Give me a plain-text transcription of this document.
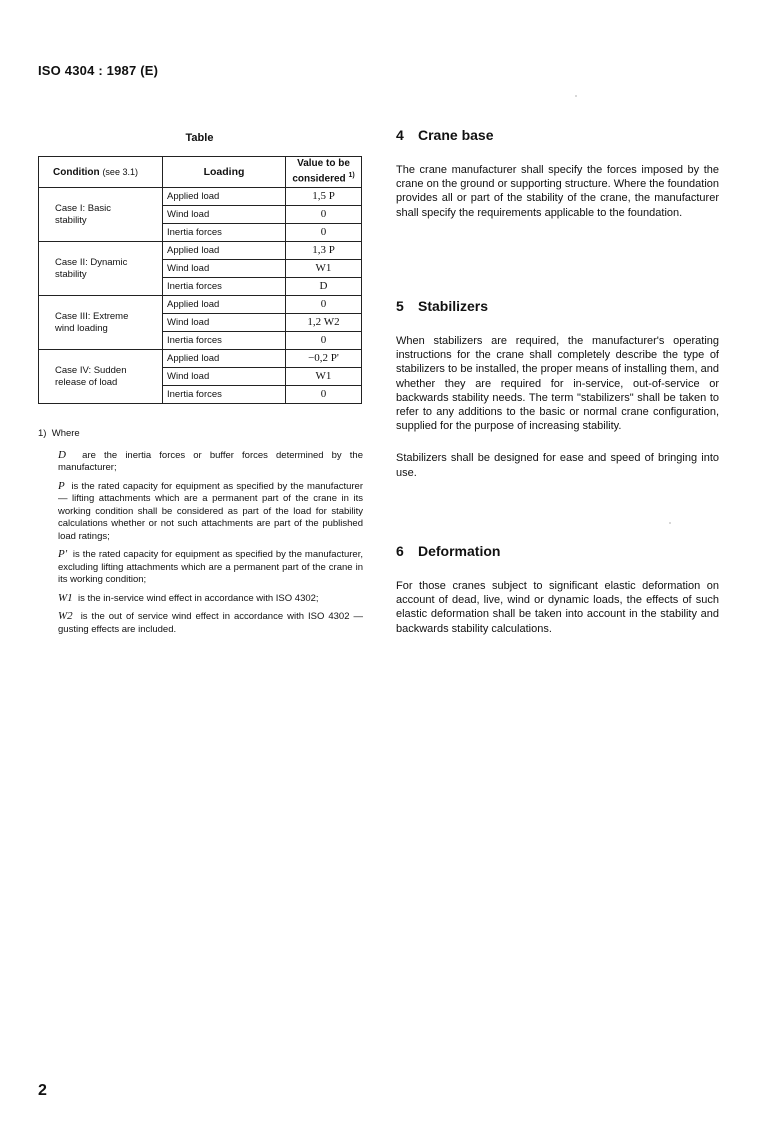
ISO 4304 : 1987 (E)
Table
Condition (see 3.1)	Loading	Value to be
considered $^{1)}$
Case I: Basic
stability	Applied load	1,5 P
	Wind load	0
	Inertia forces	0
Case II: Dynamic
stability	Applied load	1,3 P
	Wind load	W1
	Inertia forces	D
Case III: Extreme
wind loading	Applied load	0
	Wind load	1,2 W2
	Inertia forces	0
Case IV: Sudden
release of load	Applied load	−0,2 P'
	Wind load	W1
	Inertia forces	0
1) Where

D are the inertia forces or buffer forces determined by the manufacturer;

P is the rated capacity for equipment as specified by the manufacturer — lifting attachments which are a permanent part of the crane in its working condition shall be considered as part of the load for stability calculations whether or not such attachments are part of the published load ratings;

P' is the rated capacity for equipment as specified by the manufacturer, excluding lifting attachments which are a permanent part of the crane in its working condition;

W1 is the in-service wind effect in accordance with ISO 4302;

W2 is the out of service wind effect in accordance with ISO 4302 — gusting effects are included.

4 Crane base

The crane manufacturer shall specify the forces imposed by the crane on the ground or supporting structure. Where the foundation provides all or part of the stability of the crane, the manufacturer shall specify the requirements applicable to the foundation.

5 Stabilizers

When stabilizers are required, the manufacturer's operating instructions for the crane shall completely describe the type of stabilizers to be installed, the proper means of installing them, and whether they are required for in-service, out-of-service or backwards stability needs. The term "stabilizers" shall be taken to refer to any additions to the basic or normal crane configuration, supplied for the purpose of increasing stability.

Stabilizers shall be designed for ease and speed of bringing into use.

6 Deformation

For those cranes subject to significant elastic deformation on account of dead, live, wind or dynamic loads, the effects of such elastic deformation shall be taken into account in the stability and backwards stability calculations.

2
